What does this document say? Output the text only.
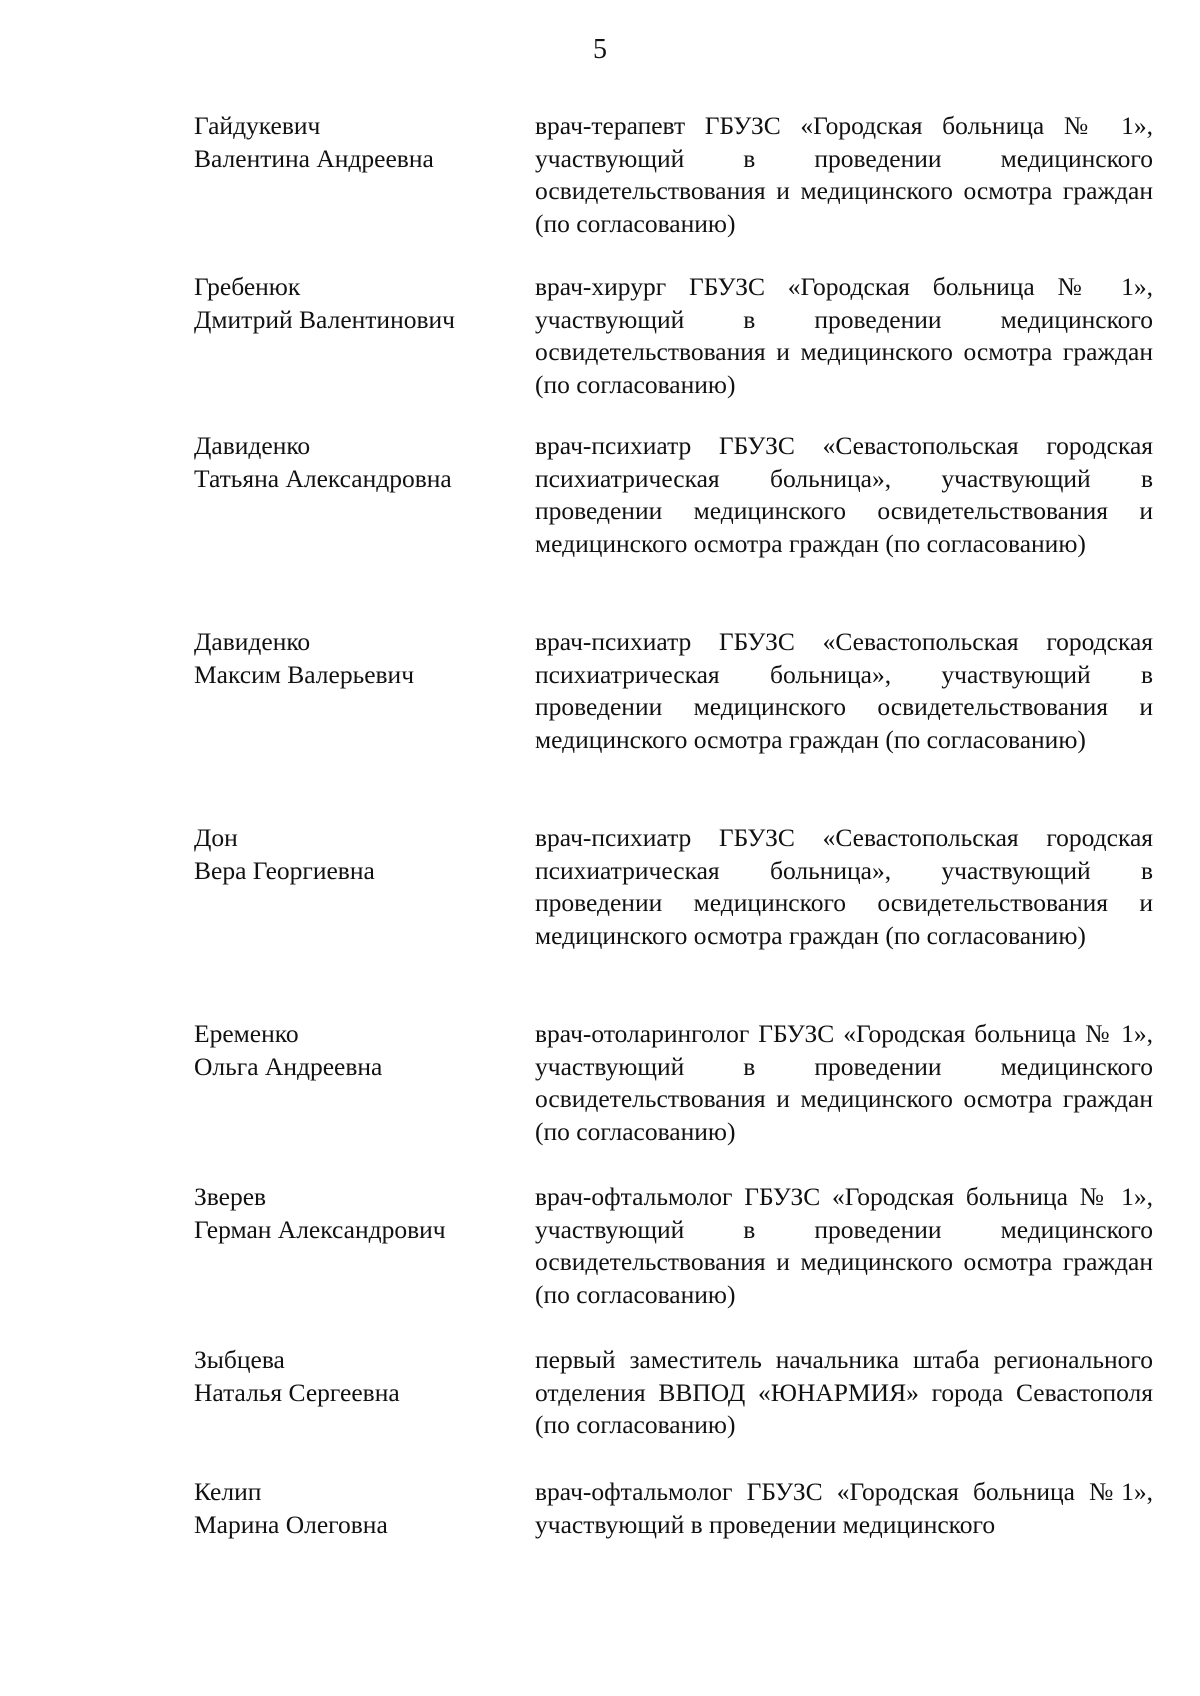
5
Гайдукевич
Валентина Андреевна
врач-терапевт ГБУЗС «Городская больница № 1», участвующий в проведении медицинского освидетельствования и медицинского осмотра граждан (по согласованию)
Гребенюк
Дмитрий Валентинович
врач-хирург ГБУЗС «Городская больница № 1», участвующий в проведении медицинского освидетельствования и медицинского осмотра граждан (по согласованию)
Давиденко
Татьяна Александровна
врач-психиатр ГБУЗС «Севастопольская городская психиатрическая больница», участвующий в проведении медицинского освидетельствования и медицинского осмотра граждан (по согласованию)
Давиденко
Максим Валерьевич
врач-психиатр ГБУЗС «Севастопольская городская психиатрическая больница», участвующий в проведении медицинского освидетельствования и медицинского осмотра граждан (по согласованию)
Дон
Вера Георгиевна
врач-психиатр ГБУЗС «Севастопольская городская психиатрическая больница», участвующий в проведении медицинского освидетельствования и медицинского осмотра граждан (по согласованию)
Еременко
Ольга Андреевна
врач-отоларинголог ГБУЗС «Городская больница № 1», участвующий в проведении медицинского освидетельствования и медицинского осмотра граждан (по согласованию)
Зверев
Герман Александрович
врач-офтальмолог ГБУЗС «Городская больница № 1», участвующий в проведении медицинского освидетельствования и медицинского осмотра граждан (по согласованию)
Зыбцева
Наталья Сергеевна
первый заместитель начальника штаба регионального отделения ВВПОД «ЮНАРМИЯ» города Севастополя (по согласованию)
Келип
Марина Олеговна
врач-офтальмолог ГБУЗС «Городская больница №1», участвующий в проведении медицинского
